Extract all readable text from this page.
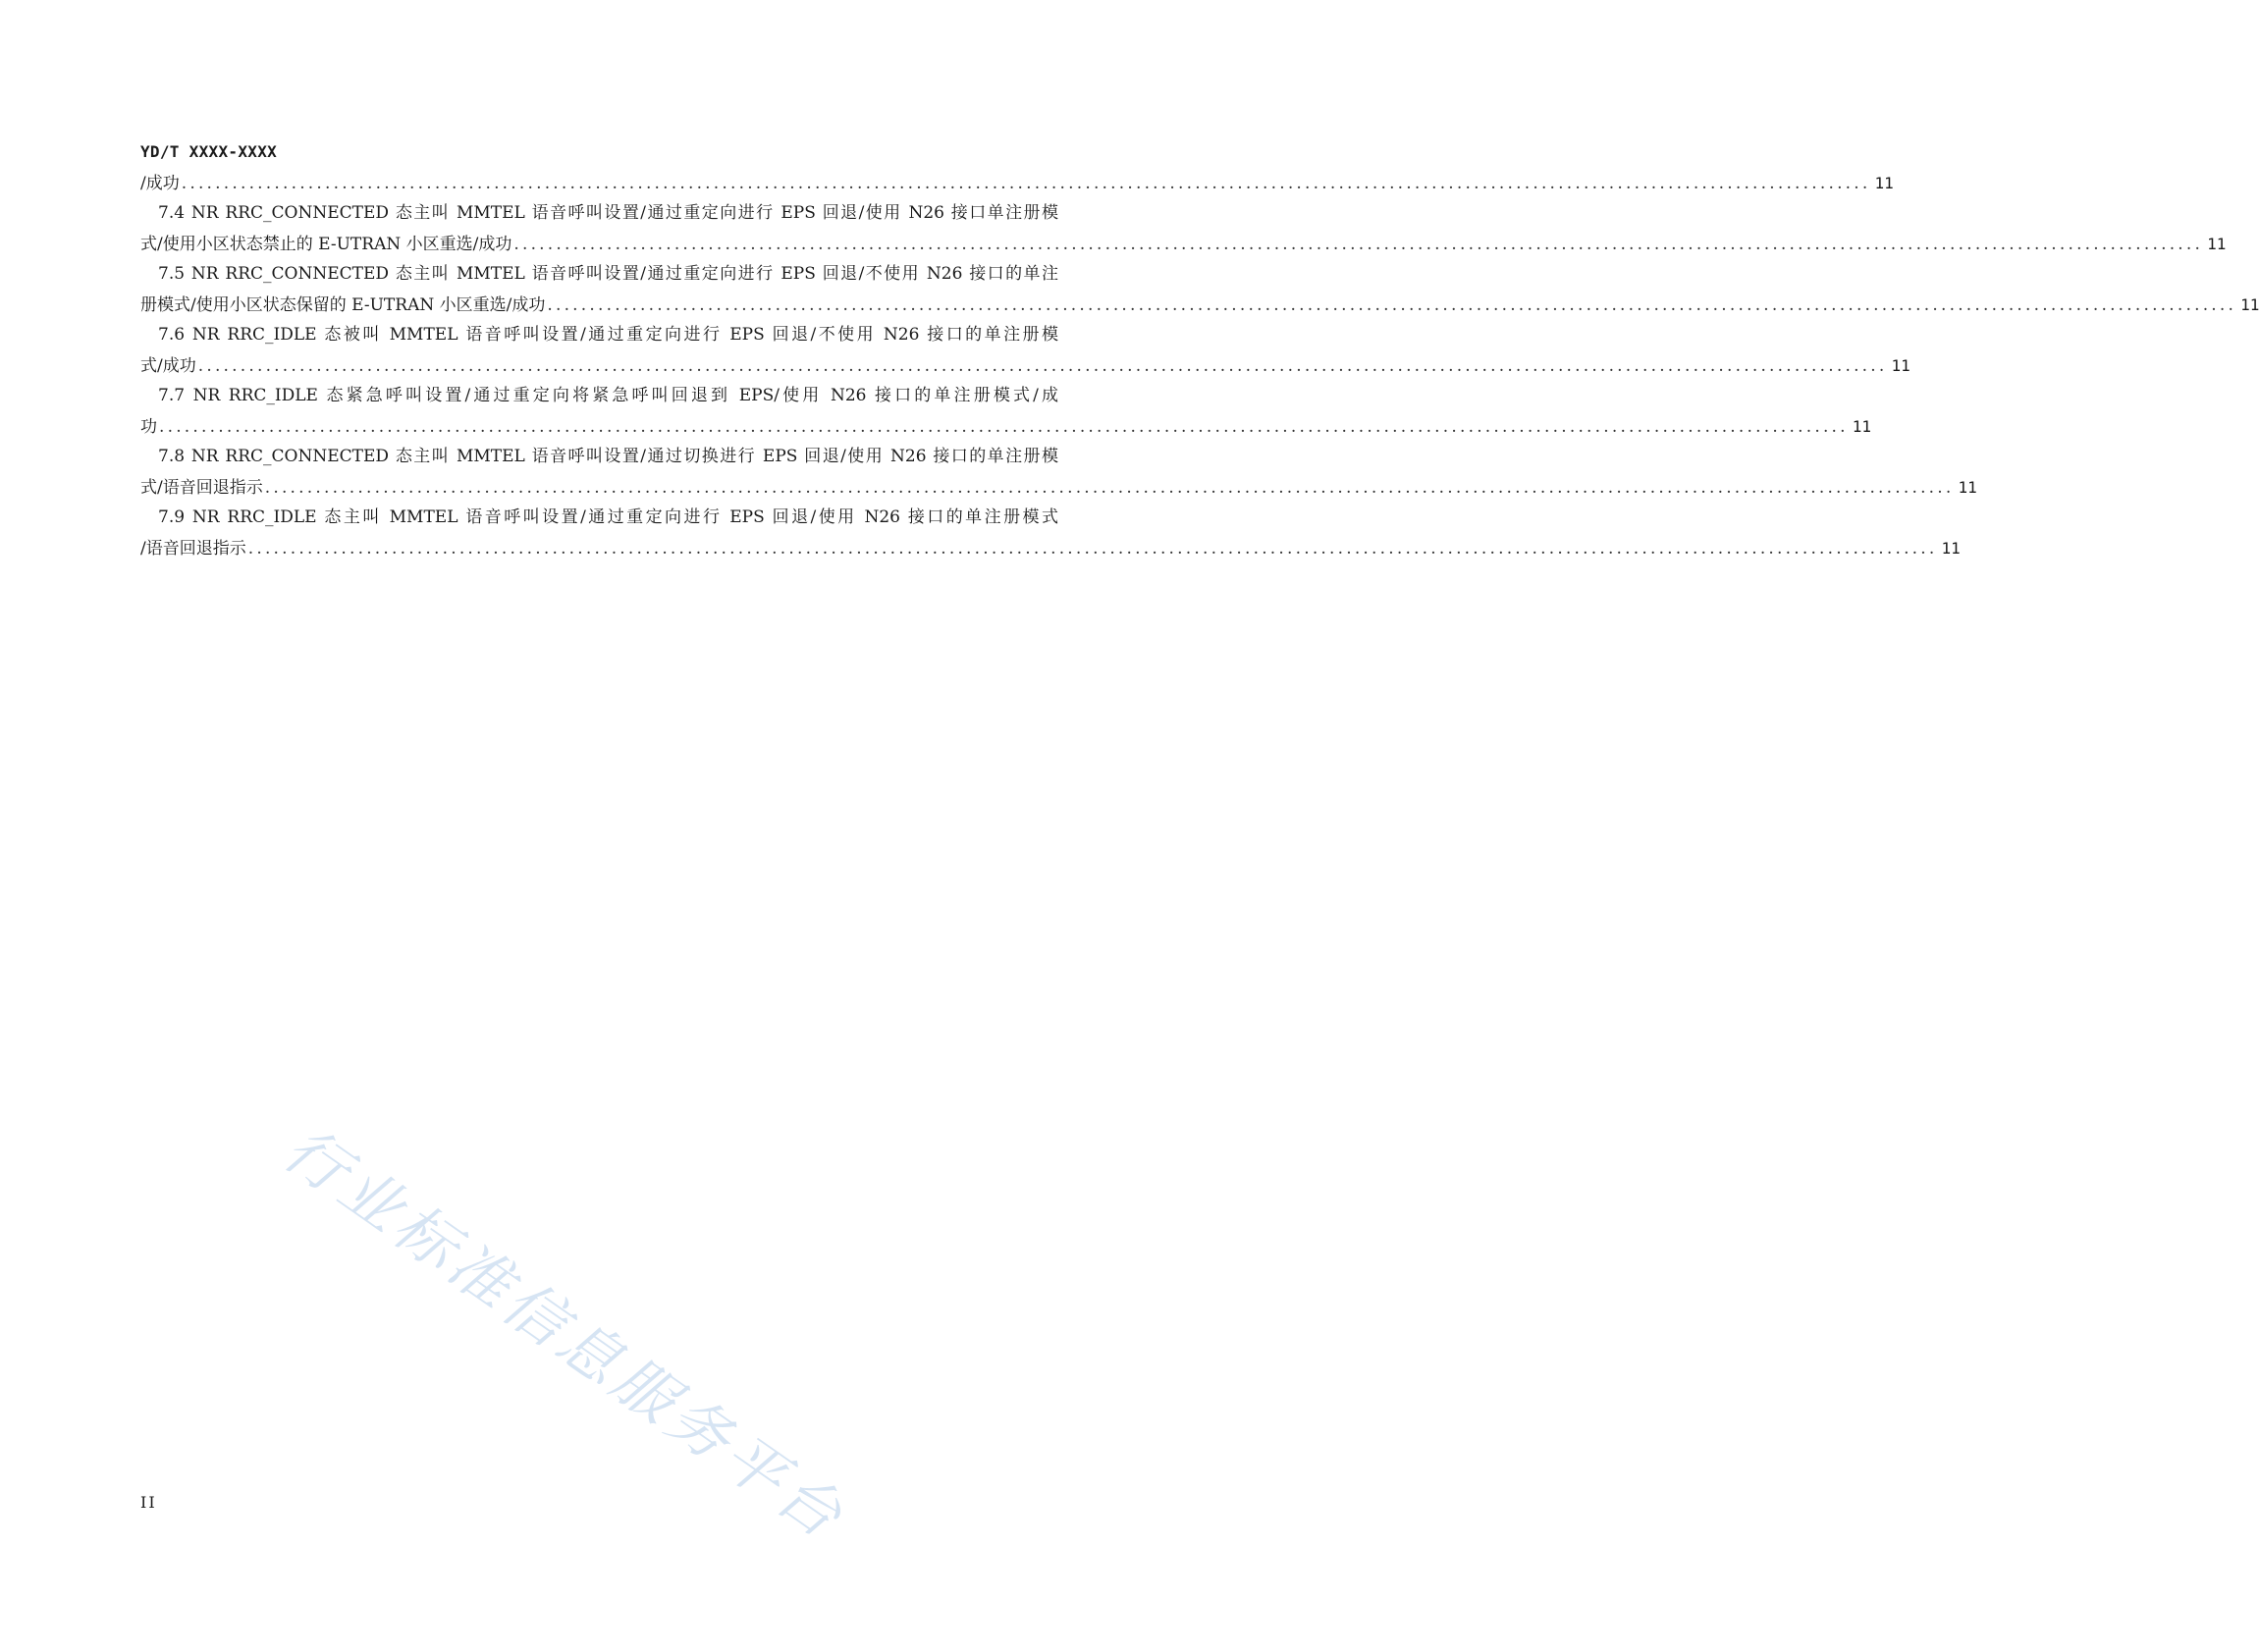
YD/T XXXX-XXXX
/成功 ........................................................................................................................................................................................................ 11
7.4 NR RRC_CONNECTED 态主叫 MMTEL 语音呼叫设置/通过重定向进行 EPS 回退/使用 N26 接口单注册模
式/使用小区状态禁止的 E-UTRAN 小区重选/成功 ........................................................................................................................................................................................................ 11
7.5 NR RRC_CONNECTED 态主叫 MMTEL 语音呼叫设置/通过重定向进行 EPS 回退/不使用 N26 接口的单注
册模式/使用小区状态保留的 E-UTRAN 小区重选/成功 ........................................................................................................................................................................................................ 11
7.6 NR RRC_IDLE 态被叫 MMTEL 语音呼叫设置/通过重定向进行 EPS 回退/不使用 N26 接口的单注册模
式/成功 ........................................................................................................................................................................................................ 11
7.7 NR RRC_IDLE 态紧急呼叫设置/通过重定向将紧急呼叫回退到 EPS/使用 N26 接口的单注册模式/成
功 ........................................................................................................................................................................................................ 11
7.8 NR RRC_CONNECTED 态主叫 MMTEL 语音呼叫设置/通过切换进行 EPS 回退/使用 N26 接口的单注册模
式/语音回退指示 ........................................................................................................................................................................................................ 11
7.9 NR RRC_IDLE 态主叫 MMTEL 语音呼叫设置/通过重定向进行 EPS 回退/使用 N26 接口的单注册模式
/语音回退指示 ........................................................................................................................................................................................................ 11
行业标准信息服务平台
II
